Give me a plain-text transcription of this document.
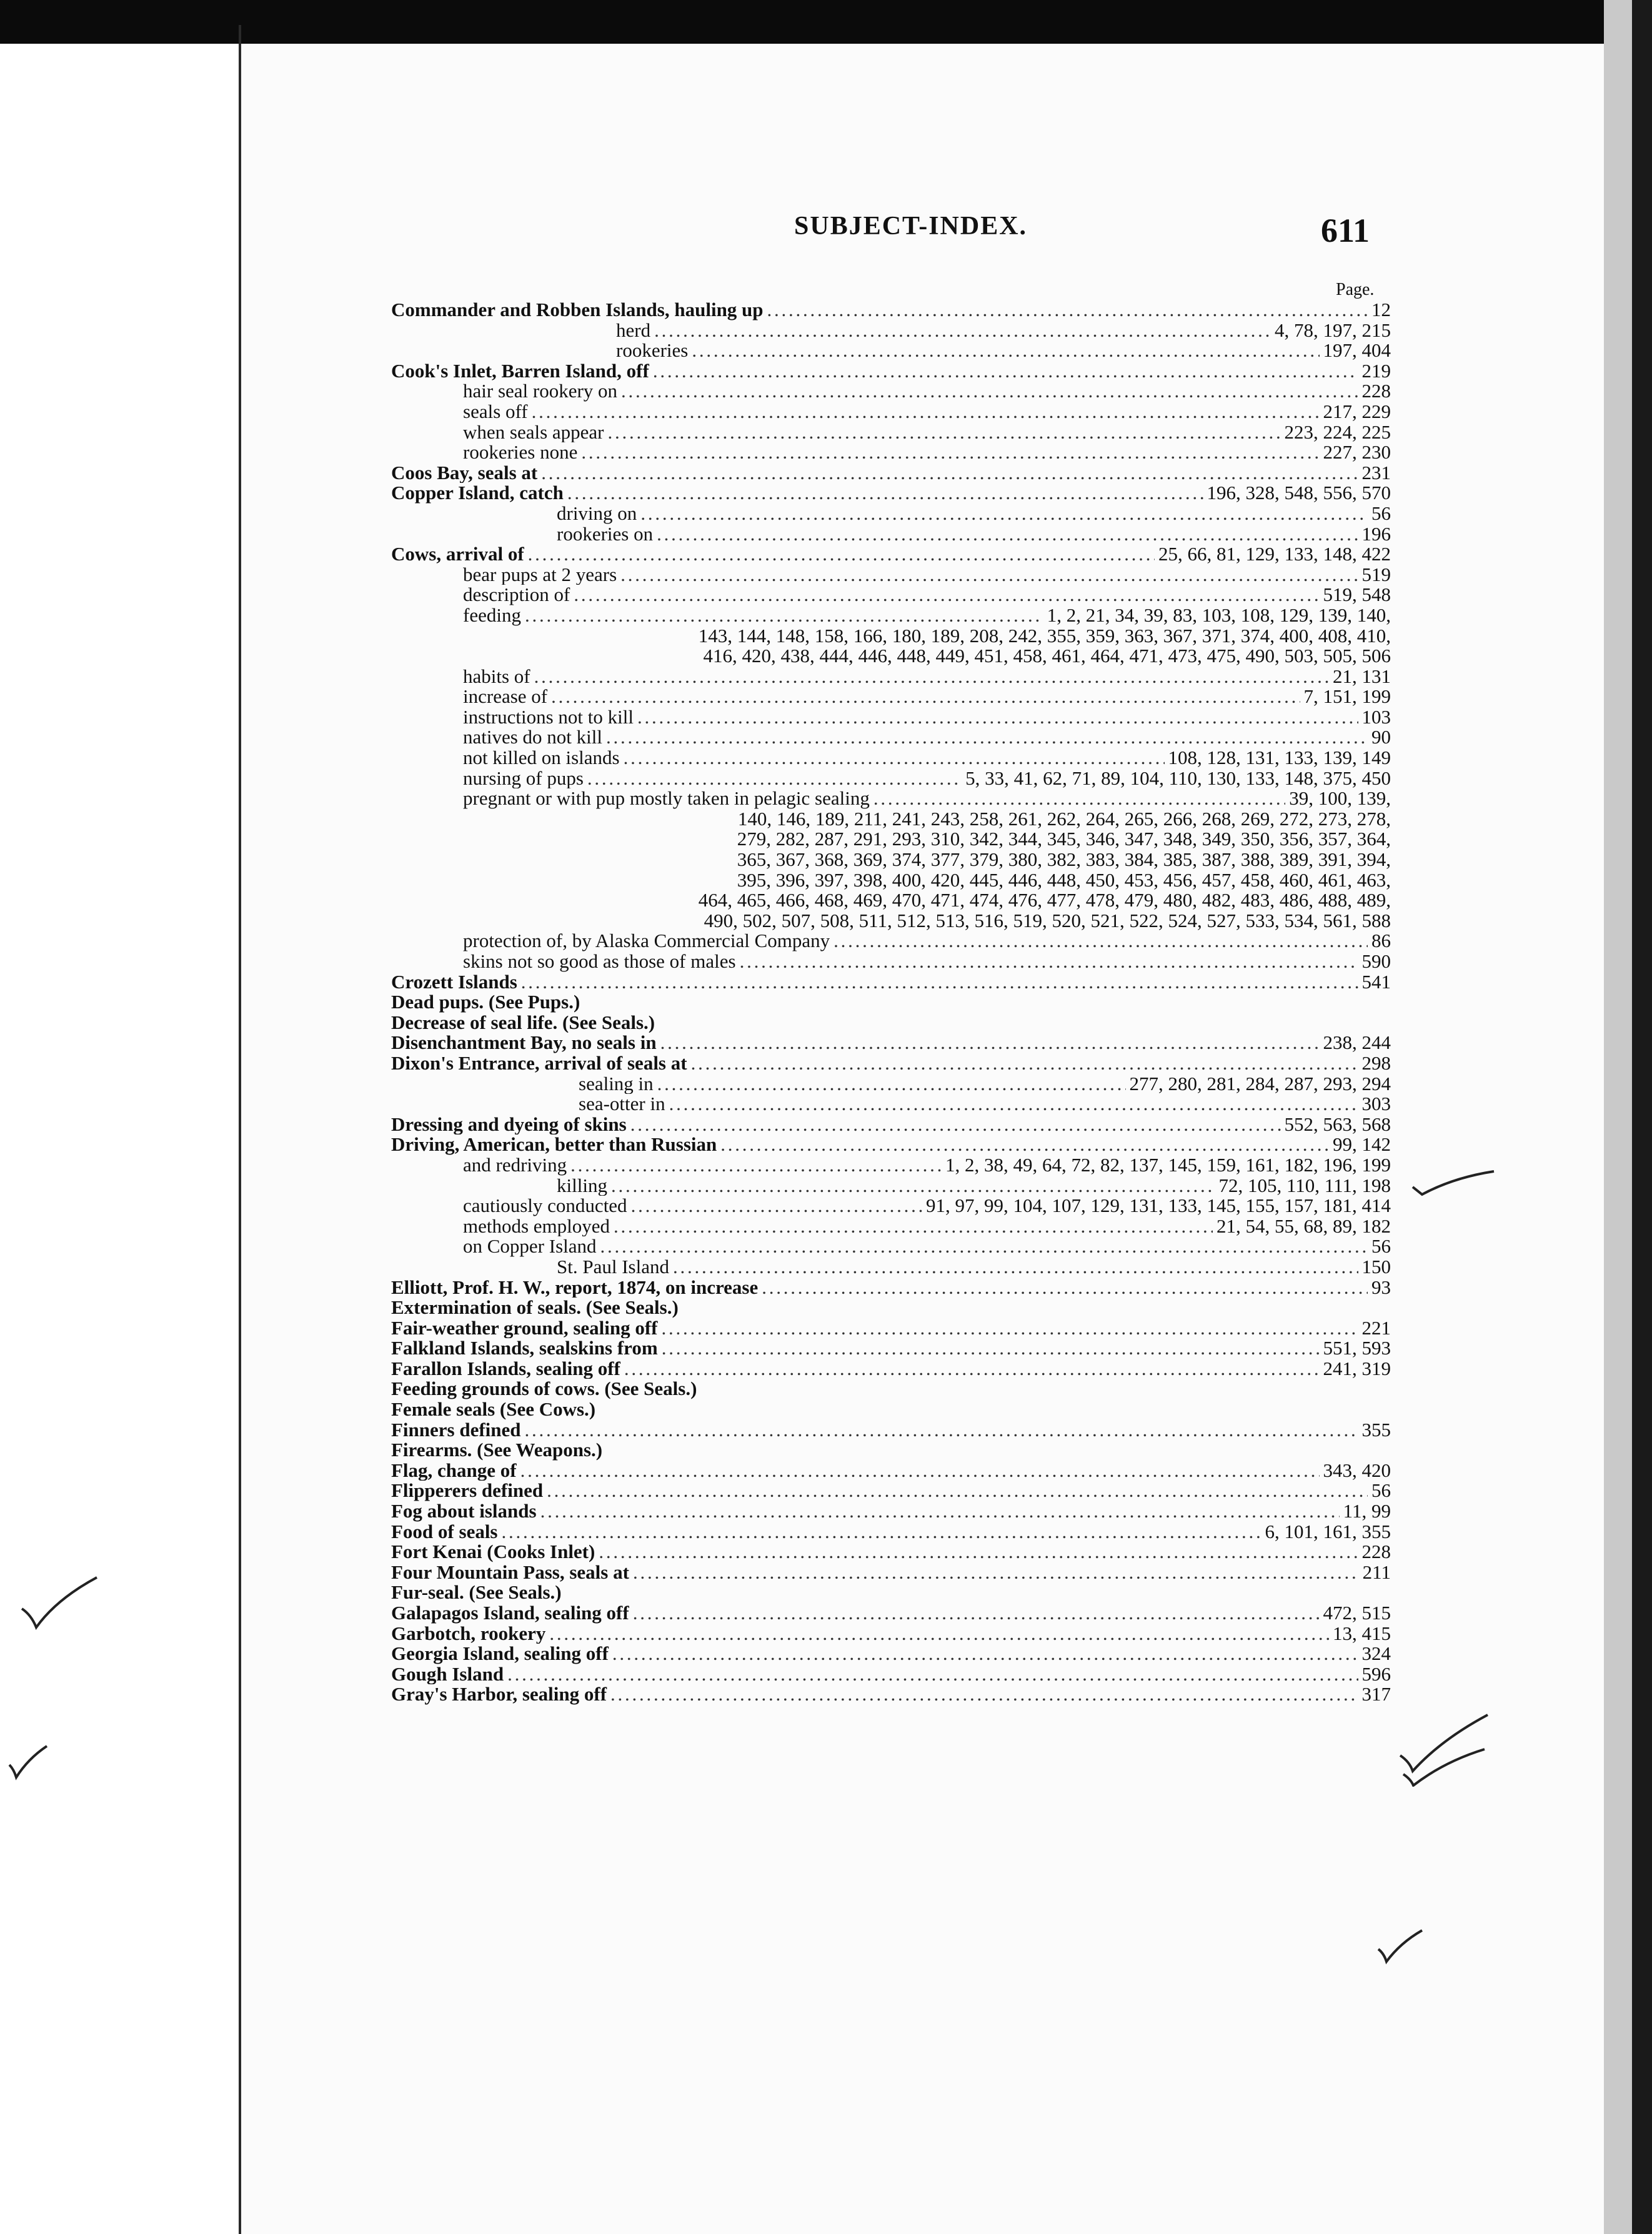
SUBJECT-INDEX.	611
Page.
Commander and Robben Islands, hauling up . . .	12
herd . . .	4, 78, 197, 215
rookeries . . .	197, 404
Cook's Inlet, Barren Island, off . . .	219
hair seal rookery on . . .	228
seals off . . .	217, 229
when seals appear . . .	223, 224, 225
rookeries none . . .	227, 230
Coos Bay, seals at . . .	231
Copper Island, catch . . .	196, 328, 548, 556, 570
driving on . . .	56
rookeries on . . .	196
Cows, arrival of . . .	25, 66, 81, 129, 133, 148, 422
bear pups at 2 years . . .	519
description of . . .	519, 548
feeding . . .	1, 2, 21, 34, 39, 83, 103, 108, 129, 139, 140,
143, 144, 148, 158, 166, 180, 189, 208, 242, 355, 359, 363, 367, 371, 374, 400, 408, 410,
416, 420, 438, 444, 446, 448, 449, 451, 458, 461, 464, 471, 473, 475, 490, 503, 505, 506
habits of . . .	21, 131
increase of . . .	7, 151, 199
instructions not to kill . . .	103
natives do not kill . . .	90
not killed on islands . . .	108, 128, 131, 133, 139, 149
nursing of pups . . .	5, 33, 41, 62, 71, 89, 104, 110, 130, 133, 148, 375, 450
pregnant or with pup mostly taken in pelagic sealing . . .	39, 100, 139,
140, 146, 189, 211, 241, 243, 258, 261, 262, 264, 265, 266, 268, 269, 272, 273, 278,
279, 282, 287, 291, 293, 310, 342, 344, 345, 346, 347, 348, 349, 350, 356, 357, 364,
365, 367, 368, 369, 374, 377, 379, 380, 382, 383, 384, 385, 387, 388, 389, 391, 394,
395, 396, 397, 398, 400, 420, 445, 446, 448, 450, 453, 456, 457, 458, 460, 461, 463,
464, 465, 466, 468, 469, 470, 471, 474, 476, 477, 478, 479, 480, 482, 483, 486, 488, 489,
490, 502, 507, 508, 511, 512, 513, 516, 519, 520, 521, 522, 524, 527, 533, 534, 561, 588
protection of, by Alaska Commercial Company . . .	86
skins not so good as those of males . . .	590
Crozett Islands . . .	541
Dead pups. (See Pups.)
Decrease of seal life. (See Seals.)
Disenchantment Bay, no seals in . . .	238, 244
Dixon's Entrance, arrival of seals at . . .	298
sealing in . . .	277, 280, 281, 284, 287, 293, 294
sea-otter in . . .	303
Dressing and dyeing of skins . . .	552, 563, 568
Driving, American, better than Russian . . .	99, 142
and redriving . . .	1, 2, 38, 49, 64, 72, 82, 137, 145, 159, 161, 182, 196, 199
killing . . .	72, 105, 110, 111, 198
cautiously conducted . . .	91, 97, 99, 104, 107, 129, 131, 133, 145, 155, 157, 181, 414
methods employed . . .	21, 54, 55, 68, 89, 182
on Copper Island . . .	56
St. Paul Island . . .	150
Elliott, Prof. H. W., report, 1874, on increase . . .	93
Extermination of seals. (See Seals.)
Fair-weather ground, sealing off . . .	221
Falkland Islands, sealskins from . . .	551, 593
Farallon Islands, sealing off . . .	241, 319
Feeding grounds of cows. (See Seals.)
Female seals (See Cows.)
Finners defined . . .	355
Firearms. (See Weapons.)
Flag, change of . . .	343, 420
Flipperers defined . . .	56
Fog about islands . . .	11, 99
Food of seals . . .	6, 101, 161, 355
Fort Kenai (Cooks Inlet) . . .	228
Four Mountain Pass, seals at . . .	211
Fur-seal. (See Seals.)
Galapagos Island, sealing off . . .	472, 515
Garbotch, rookery . . .	13, 415
Georgia Island, sealing off . . .	324
Gough Island . . .	596
Gray's Harbor, sealing off . . .	317
